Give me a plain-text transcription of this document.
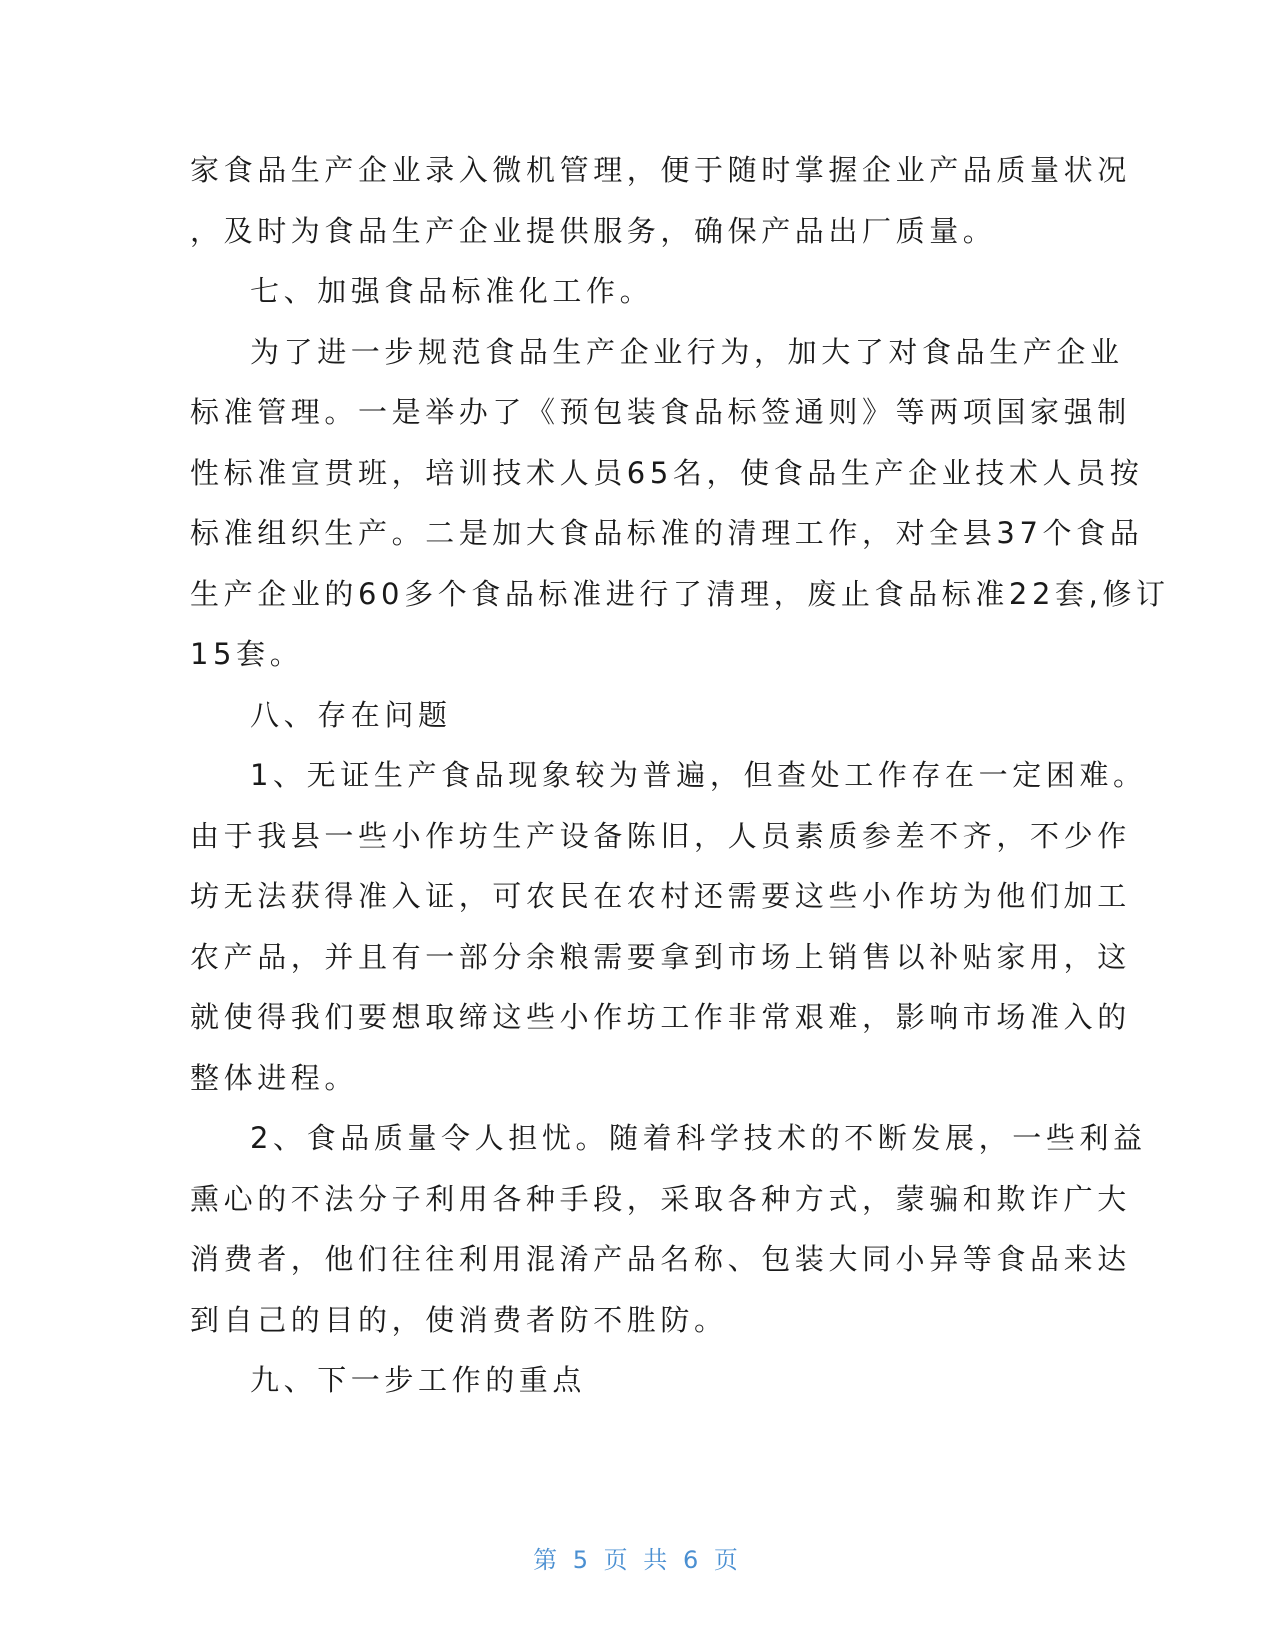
家食品生产企业录入微机管理，便于随时掌握企业产品质量状况
，及时为食品生产企业提供服务，确保产品出厂质量。
七、加强食品标准化工作。
为了进一步规范食品生产企业行为，加大了对食品生产企业
标准管理。一是举办了《预包装食品标签通则》等两项国家强制
性标准宣贯班，培训技术人员65名，使食品生产企业技术人员按
标准组织生产。二是加大食品标准的清理工作，对全县37个食品
生产企业的60多个食品标准进行了清理，废止食品标准22套,修订
15套。
八、存在问题
1、无证生产食品现象较为普遍，但查处工作存在一定困难。
由于我县一些小作坊生产设备陈旧，人员素质参差不齐，不少作
坊无法获得准入证，可农民在农村还需要这些小作坊为他们加工
农产品，并且有一部分余粮需要拿到市场上销售以补贴家用，这
就使得我们要想取缔这些小作坊工作非常艰难，影响市场准入的
整体进程。
2、食品质量令人担忧。随着科学技术的不断发展，一些利益
熏心的不法分子利用各种手段，采取各种方式，蒙骗和欺诈广大
消费者，他们往往利用混淆产品名称、包装大同小异等食品来达
到自己的目的，使消费者防不胜防。
九、下一步工作的重点
第 5 页 共 6 页
